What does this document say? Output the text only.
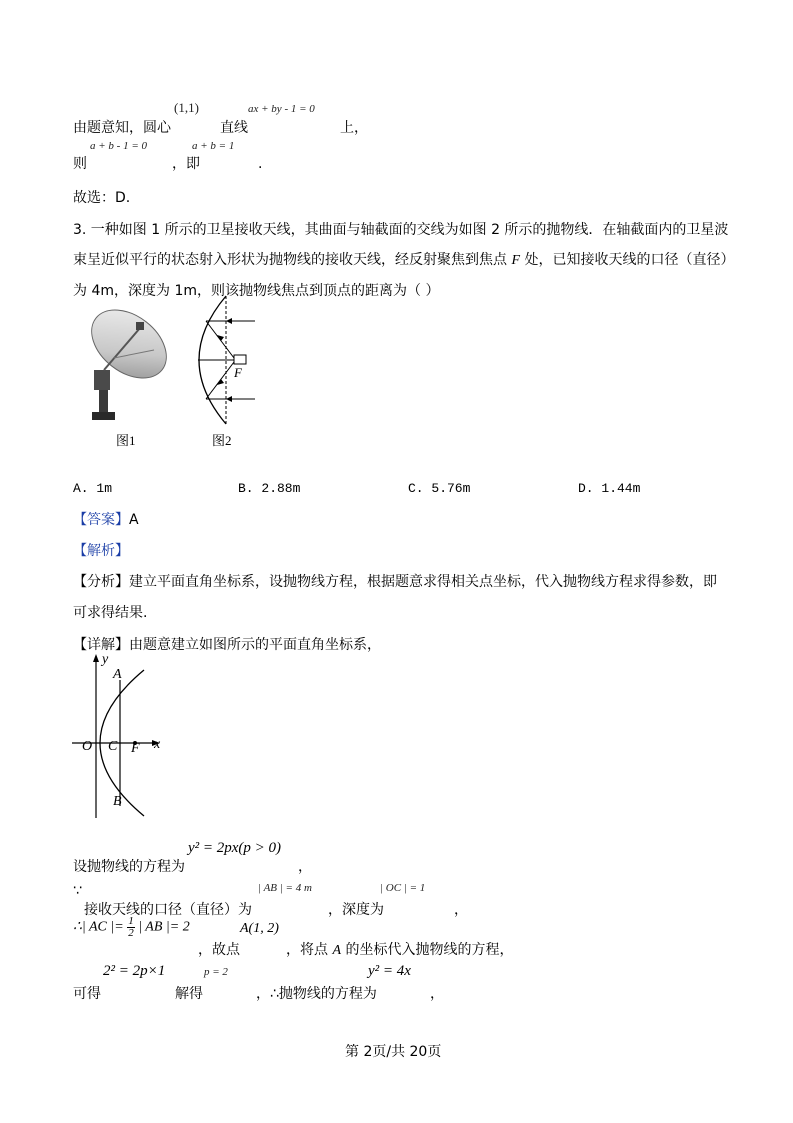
(1,1)	ax + by - 1 = 0
由题意知，圆心	直线	上，
a + b - 1 = 0	a + b = 1
则	，即	.
故选：D.
3. 一种如图 1 所示的卫星接收天线，其曲面与轴截面的交线为如图 2 所示的抛物线．在轴截面内的卫星波
束呈近似平行的状态射入形状为抛物线的接收天线，经反射聚焦到焦点 F 处，已知接收天线的口径（直径）
为 4m，深度为 1m，则该抛物线焦点到顶点的距离为（ ）
图1
F
图2
A. 1m	B. 2.88m	C. 5.76m	D. 1.44m
【答案】A
【解析】
【分析】建立平面直角坐标系，设抛物线方程，根据题意求得相关点坐标，代入抛物线方程求得参数，即
可求得结果.
【详解】由题意建立如图所示的平面直角坐标系，
y
x
O C F
A
B
y² = 2px(p > 0)
设抛物线的方程为	，
∵	| AB | = 4 m	| OC | = 1
接收天线的口径（直径）为	，深度为	，
∴| AC |= $\frac{1}{2}$ | AB |= 2	A(1, 2)
，故点	，将点 A 的坐标代入抛物线的方程，
2² = 2p×1	p = 2	y² = 4x
可得	解得	，∴抛物线的方程为	，
第 2页/共 20页
